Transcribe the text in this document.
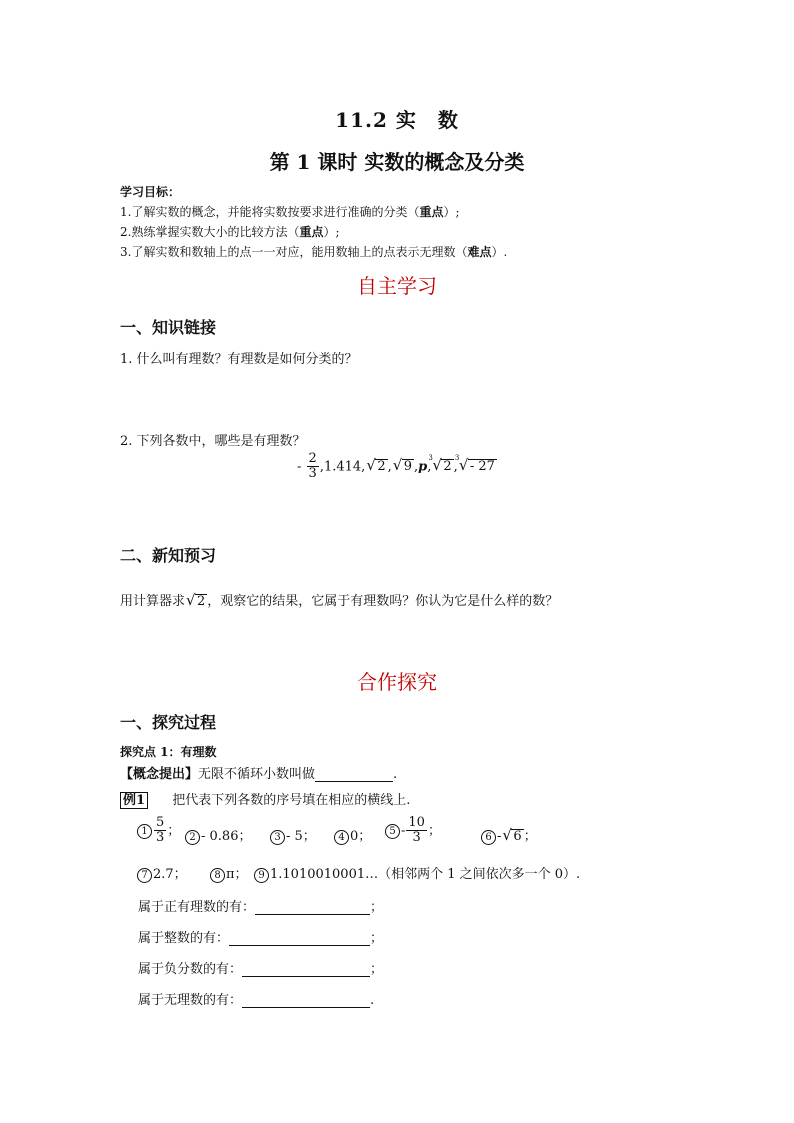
11.2 实　数
第 1 课时 实数的概念及分类
学习目标：
1.了解实数的概念，并能将实数按要求进行准确的分类（重点）;
2.熟练掌握实数大小的比较方法（重点）;
3.了解实数和数轴上的点一一对应，能用数轴上的点表示无理数（难点）.
自主学习
一、知识链接
1. 什么叫有理数？有理数是如何分类的？
2. 下列各数中，哪些是有理数？
- $\frac{2}{3} ,1.414$, √ 2 , √ 9 ,p,
3 √ 2 ,
3 √ - 27
二、新知预习
用计算器求 √ 2 ，观察它的结果，它属于有理数吗？你认为它是什么样的数？
合作探究
一、探究过程
探究点 1：有理数
【概念提出】无限不循环小数叫做	.
例1 把代表下列各数的序号填在相应的横线上.
$1 \frac{5}{3}$ ； 2 - 0.86；	3 - 5；	4 0；	$5 - \frac{10}{3}$ ；	6 - √ 6 ；
7 2.7；	8 π；	9 1.1010010001…（相邻两个 1 之间依次多一个 0）.
属于正有理数的有：	；
属于整数的有：	；
属于负分数的有：	；
属于无理数的有：	.
